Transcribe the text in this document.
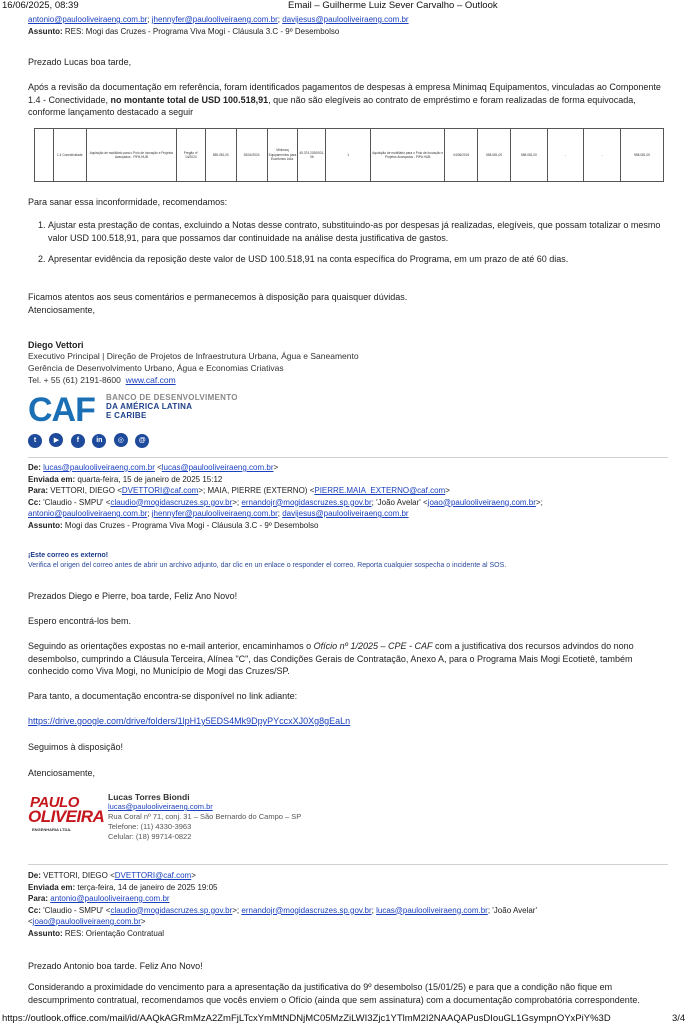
16/06/2025, 08:39	Email – Guilherme Luiz Sever Carvalho – Outlook
antonio@paulooliveiraeng.com.br; jhennyfer@paulooliveiraeng.com.br; davijesus@paulooliveiraeng.com.br
Assunto: RES: Mogi das Cruzes - Programa Viva Mogi - Cláusula 3.C - 9º Desembolso
Prezado Lucas boa tarde,
Após a revisão da documentação em referência, foram identificados pagamentos de despesas à empresa Minimaq Equipamentos, vinculadas ao Componente 1.4 - Conectividade, no montante total de USD 100.518,91, que não são elegíveis ao contrato de empréstimo e foram realizadas de forma equivocada, conforme lançamento destacado a seguir
	1.4 Conectividade	Aquisição de mobiliário para o Polo de Inovação e Projetos Avançados - PIPA HUB	Pregão nº 14/2024	558.081,00	26/04/2024	Minimaq Equipamentos para Escritórios Ltda.	45.374.203/0001-06	1	Aquisição de mobiliário para o Polo de Inovação e Projetos Avançados - PIPA HUB	04/06/2024	558.081,00	558.081,00	-	-	558.081,00
Para sanar essa inconformidade, recomendamos:
1. Ajustar esta prestação de contas, excluindo a Notas desse contrato, substituindo-as por despesas já realizadas, elegíveis, que possam totalizar o mesmo valor USD 100.518,91, para que possamos dar continuidade na análise desta justificativa de gastos.
2. Apresentar evidência da reposição deste valor de USD 100.518,91 na conta específica do Programa, em um prazo de até 60 dias.
Ficamos atentos aos seus comentários e permanecemos à disposição para quaisquer dúvidas.
Atenciosamente,
Diego Vettori
Executivo Principal | Direção de Projetos de Infraestrutura Urbana, Água e Saneamento
Gerência de Desenvolvimento Urbano, Água e Economias Criativas
Tel. + 55 (61) 2191-8600 www.caf.com
CAF BANCO DE DESENVOLVIMENTO
DA AMÉRICA LATINA
E CARIBE
t	▶	f in ◎ @
De: lucas@paulooliveiraeng.com.br <lucas@paulooliveiraeng.com.br>
Enviada em: quarta-feira, 15 de janeiro de 2025 15:12
Para: VETTORI, DIEGO <DVETTORI@caf.com>; MAIA, PIERRE (EXTERNO) <PIERRE.MAIA_EXTERNO@caf.com>
Cc: 'Claudio - SMPU' <claudio@mogidascruzes.sp.gov.br>; ernandojr@mogidascruzes.sp.gov.br; 'João Avelar' <joao@paulooliveiraeng.com.br>;
antonio@paulooliveiraeng.com.br; jhennyfer@paulooliveiraeng.com.br; davijesus@paulooliveiraeng.com.br
Assunto: Mogi das Cruzes - Programa Viva Mogi - Cláusula 3.C - 9º Desembolso
¡Este correo es externo!
Verifica el origen del correo antes de abrir un archivo adjunto, dar clic en un enlace o responder el correo. Reporta cualquier sospecha o incidente al SOS.
Prezados Diego e Pierre, boa tarde, Feliz Ano Novo!
Espero encontrá-los bem.
Seguindo as orientações expostas no e-mail anterior, encaminhamos o Ofício nº 1/2025 – CPE - CAF com a justificativa dos recursos advindos do nono desembolso, cumprindo a Cláusula Terceira, Alínea "C", das Condições Gerais de Contratação, Anexo A, para o Programa Mais Mogi Ecotietê, também conhecido como Viva Mogi, no Município de Mogi das Cruzes/SP.
Para tanto, a documentação encontra-se disponível no link adiante:
https://drive.google.com/drive/folders/1lpH1y5EDS4Mk9DpyPYccxXJ0Xg8gEaLn
Seguimos à disposição!
Atenciosamente,
PAULO
OLIVEIRA
ENGENHARIA LTDA.
Lucas Torres Biondi
lucas@paulooliveiraeng.com.br
Rua Coral nº 71, conj. 31 – São Bernardo do Campo – SP
Telefone: (11) 4330-3963
Celular: (18) 99714-0822
De: VETTORI, DIEGO <DVETTORI@caf.com>
Enviada em: terça-feira, 14 de janeiro de 2025 19:05
Para: antonio@paulooliveiraeng.com.br
Cc: 'Claudio - SMPU' <claudio@mogidascruzes.sp.gov.br>; ernandojr@mogidascruzes.sp.gov.br; lucas@paulooliveiraeng.com.br; 'João Avelar'
<joao@paulooliveiraeng.com.br>
Assunto: RES: Orientação Contratual
Prezado Antonio boa tarde. Feliz Ano Novo!
Considerando a proximidade do vencimento para a apresentação da justificativa do 9º desembolso (15/01/25) e para que a condição não fique em descumprimento contratual, recomendamos que vocês enviem o Ofício (ainda que sem assinatura) com a documentação comprobatória correspondente.
https://outlook.office.com/mail/id/AAQkAGRmMzA2ZmFjLTcxYmMtNDNjMC05MzZiLWI3Zjc1YTlmM2I2NAAQAPusDIouGL1GsympnOYxPiY%3D	3/4
